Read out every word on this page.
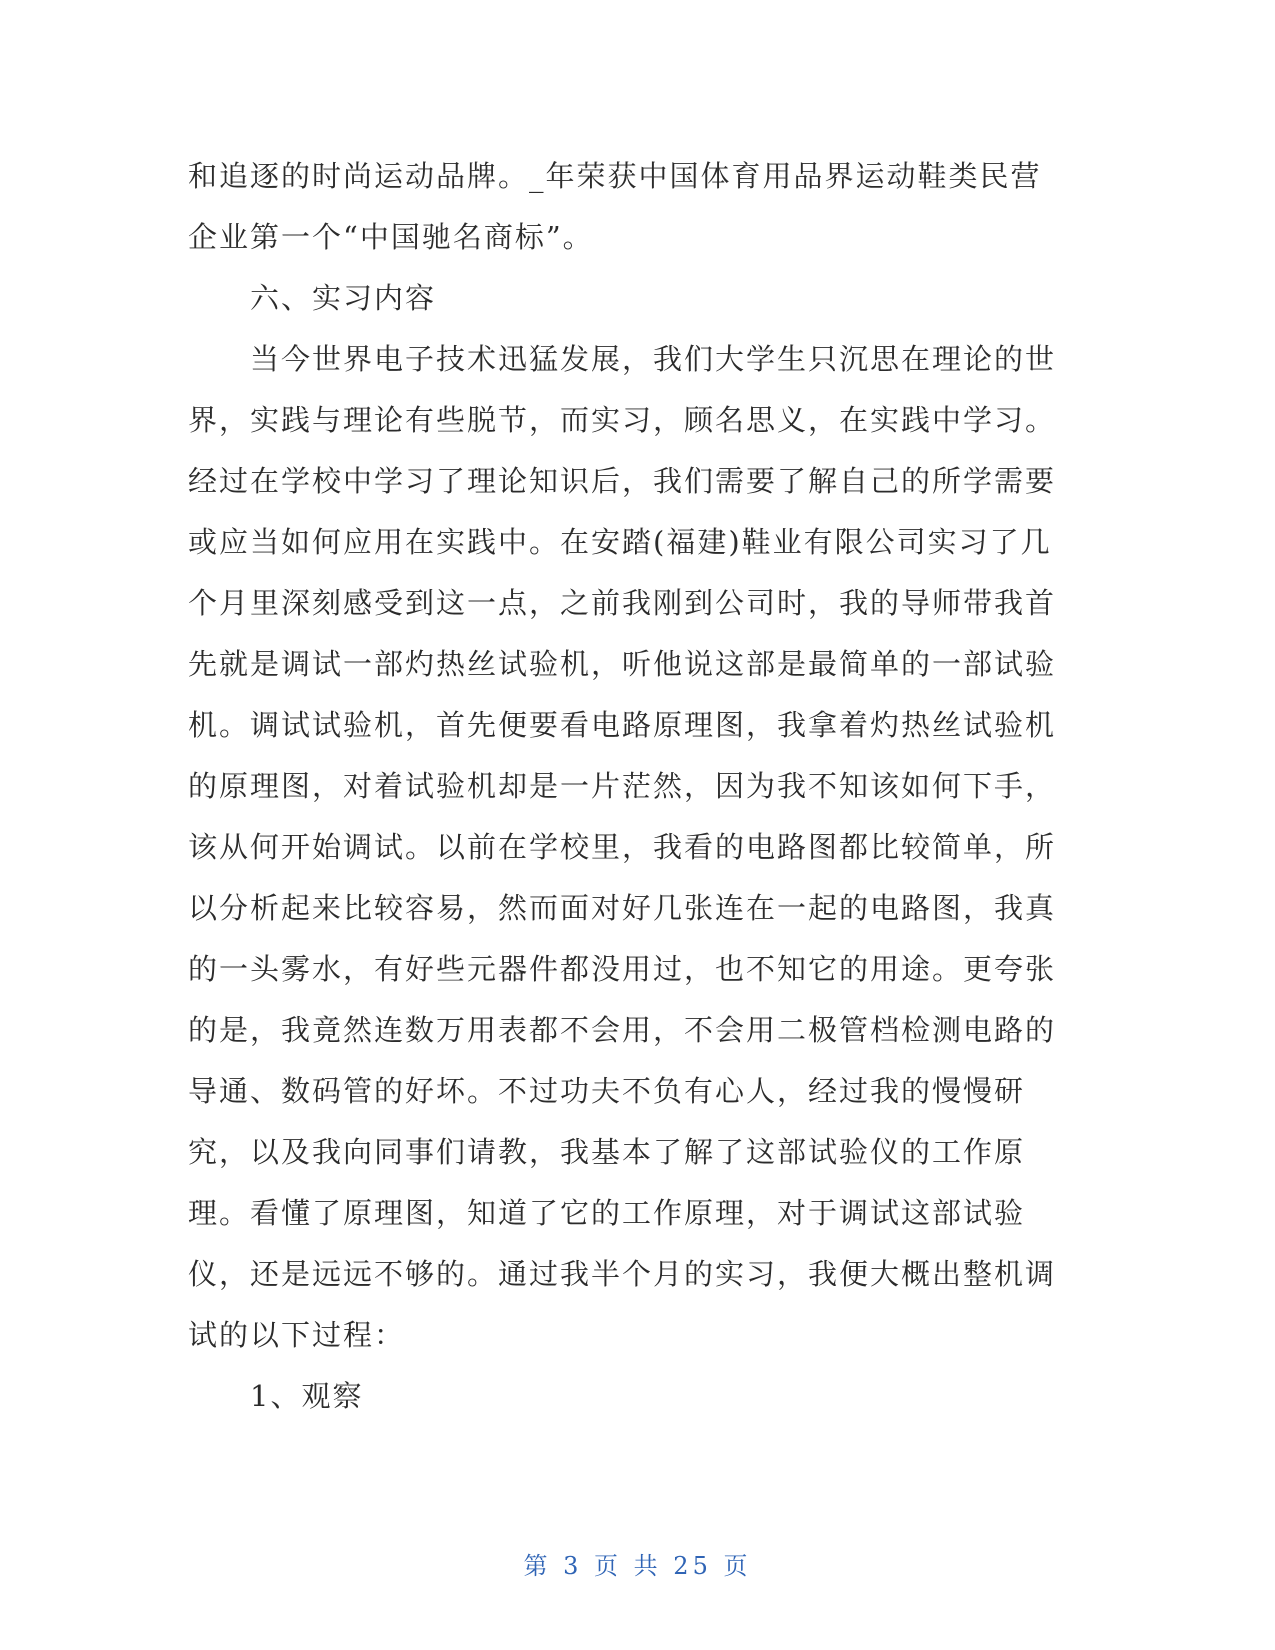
和追逐的时尚运动品牌。_年荣获中国体育用品界运动鞋类民营企业第一个“中国驰名商标”。

六、实习内容

当今世界电子技术迅猛发展，我们大学生只沉思在理论的世界，实践与理论有些脱节，而实习，顾名思义，在实践中学习。经过在学校中学习了理论知识后，我们需要了解自己的所学需要或应当如何应用在实践中。在安踏(福建)鞋业有限公司实习了几个月里深刻感受到这一点，之前我刚到公司时，我的导师带我首先就是调试一部灼热丝试验机，听他说这部是最简单的一部试验机。调试试验机，首先便要看电路原理图，我拿着灼热丝试验机的原理图，对着试验机却是一片茫然，因为我不知该如何下手，该从何开始调试。以前在学校里，我看的电路图都比较简单，所以分析起来比较容易，然而面对好几张连在一起的电路图，我真的一头雾水，有好些元器件都没用过，也不知它的用途。更夸张的是，我竟然连数万用表都不会用，不会用二极管档检测电路的导通、数码管的好坏。不过功夫不负有心人，经过我的慢慢研究，以及我向同事们请教，我基本了解了这部试验仪的工作原理。看懂了原理图，知道了它的工作原理，对于调试这部试验仪，还是远远不够的。通过我半个月的实习，我便大概出整机调试的以下过程：

1、观察

第 3 页 共 25 页
